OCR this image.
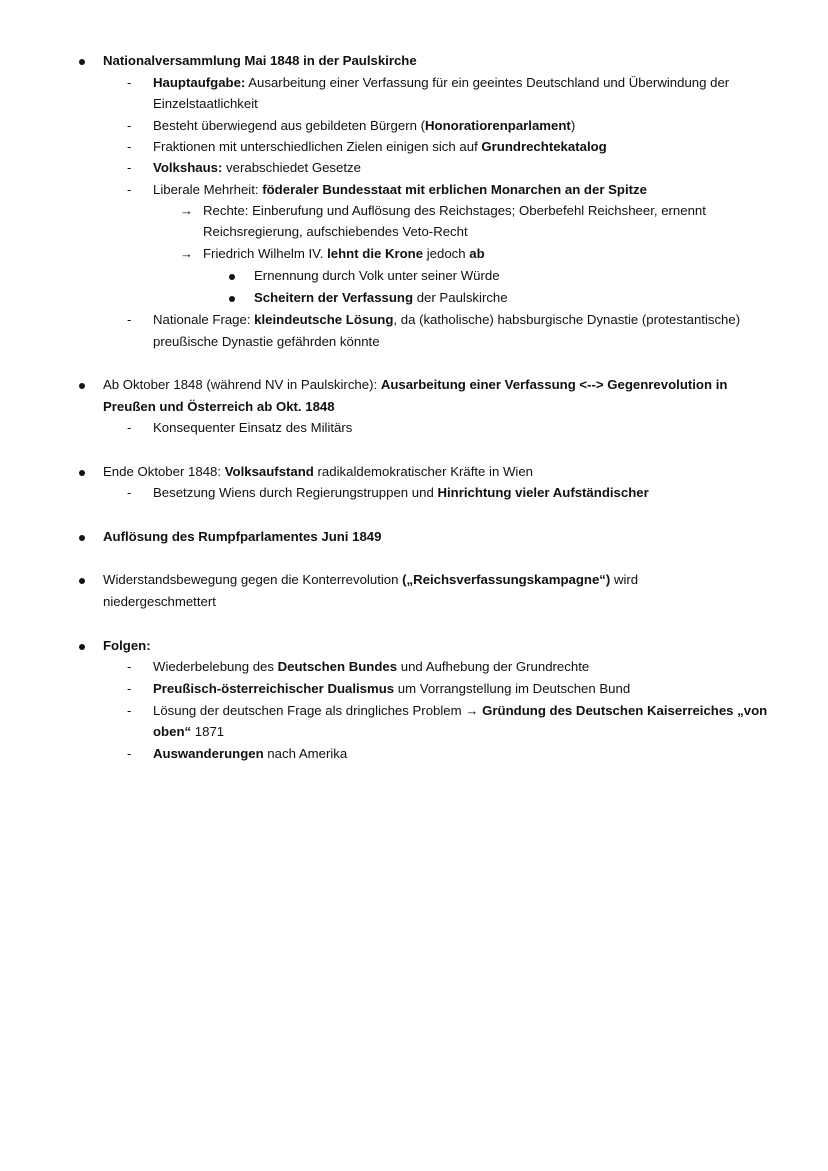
Nationalversammlung Mai 1848 in der Paulskirche
- Hauptaufgabe: Ausarbeitung einer Verfassung für ein geeintes Deutschland und Überwindung der
Einzelstaatlichkeit
- Besteht überwiegend aus gebildeten Bürgern (Honoratiorenparlament)
- Fraktionen mit unterschiedlichen Zielen einigen sich auf Grundrechtekatalog
- Volkshaus: verabschiedet Gesetze
- Liberale Mehrheit: föderaler Bundesstaat mit erblichen Monarchen an der Spitze
→ Rechte: Einberufung und Auflösung des Reichstages; Oberbefehl Reichsheer, ernennt
Reichsregierung, aufschiebendes Veto-Recht
→ Friedrich Wilhelm IV. lehnt die Krone jedoch ab
Ernennung durch Volk unter seiner Würde
Scheitern der Verfassung der Paulskirche
- Nationale Frage: kleindeutsche Lösung, da (katholische) habsburgische Dynastie (protestantische)
preußische Dynastie gefährden könnte
Ab Oktober 1848 (während NV in Paulskirche): Ausarbeitung einer Verfassung <--> Gegenrevolution in
Preußen und Österreich ab Okt. 1848
- Konsequenter Einsatz des Militärs
Ende Oktober 1848: Volksaufstand radikaldemokratischer Kräfte in Wien
- Besetzung Wiens durch Regierungstruppen und Hinrichtung vieler Aufständischer
Auflösung des Rumpfparlamentes Juni 1849
Widerstandsbewegung gegen die Konterrevolution („Reichsverfassungskampagne“) wird
niedergeschmettert
Folgen:
- Wiederbelebung des Deutschen Bundes und Aufhebung der Grundrechte
- Preußisch-österreichischer Dualismus um Vorrangstellung im Deutschen Bund
- Lösung der deutschen Frage als dringliches Problem → Gründung des Deutschen Kaiserreiches „von
oben“ 1871
- Auswanderungen nach Amerika
